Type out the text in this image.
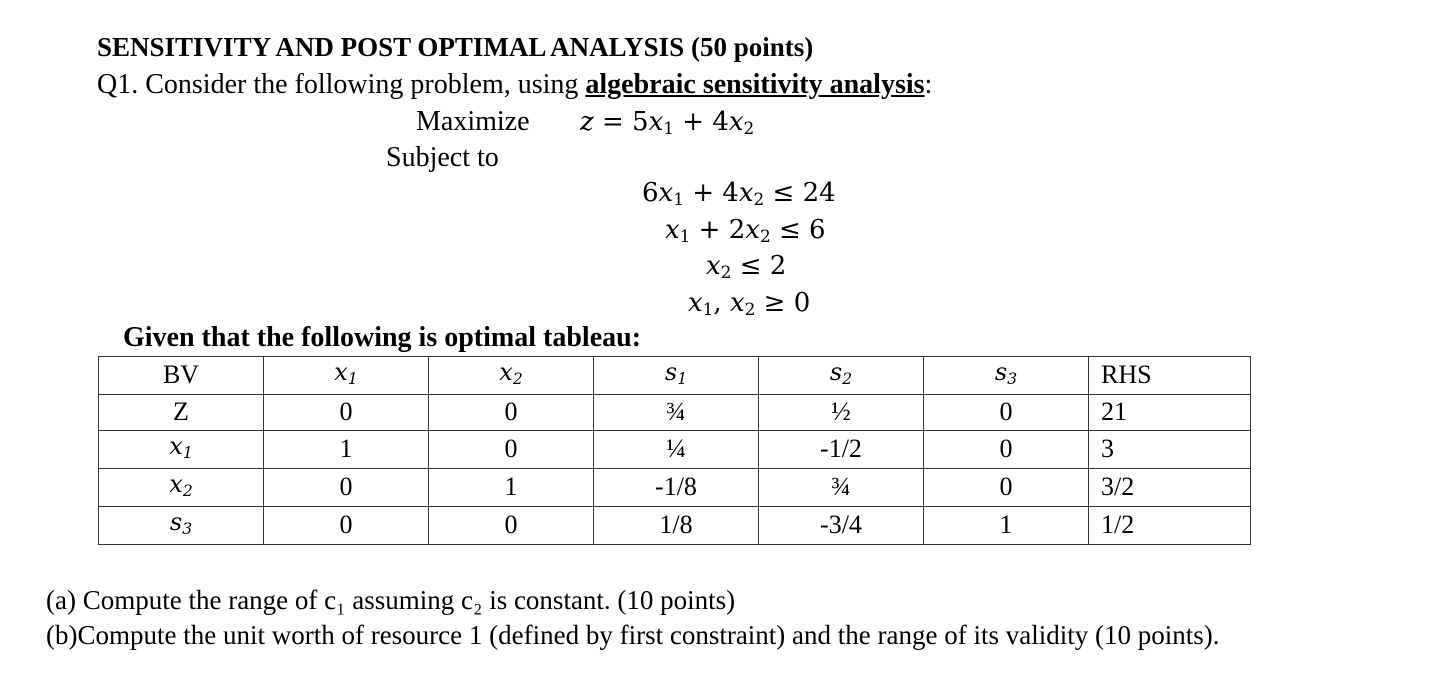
SENSITIVITY AND POST OPTIMAL ANALYSIS (50 points)
Q1. Consider the following problem, using algebraic sensitivity analysis:
Maximize $z = 5x_1 + 4x_2$
Subject to
$6x_1 + 4x_2 \le 24$
$x_1 + 2x_2 \le 6$
$x_2 \le 2$
$x_1$, $x_2 \ge 0$
Given that the following is optimal tableau:
BV	$x_1$	$x_2$	$s_1$	$s_2$	$s_3$	RHS
Z	0	0	¾	½	0	21
$x_1$	1	0	¼	-1/2	0	3
$x_2$	0	1	-1/8	¾	0	3/2
$s_3$	0	0	1/8	-3/4	1	1/2
(a) Compute the range of c₁ assuming c₂ is constant. (10 points)
(b)Compute the unit worth of resource 1 (defined by first constraint) and the range of its validity (10 points).
